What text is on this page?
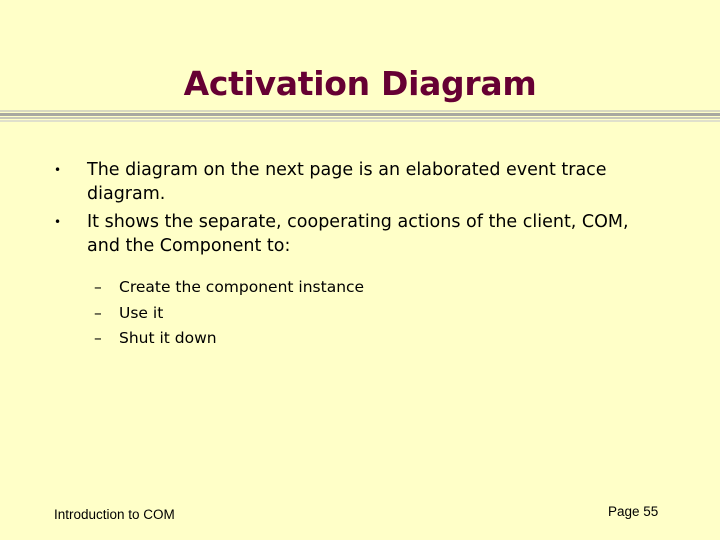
Activation Diagram
•	The diagram on the next page is an elaborated event trace diagram.
•	It shows the separate, cooperating actions of the client, COM, and the Component to:
– Create the component instance
– Use it
– Shut it down
Introduction to COM	Page 55
